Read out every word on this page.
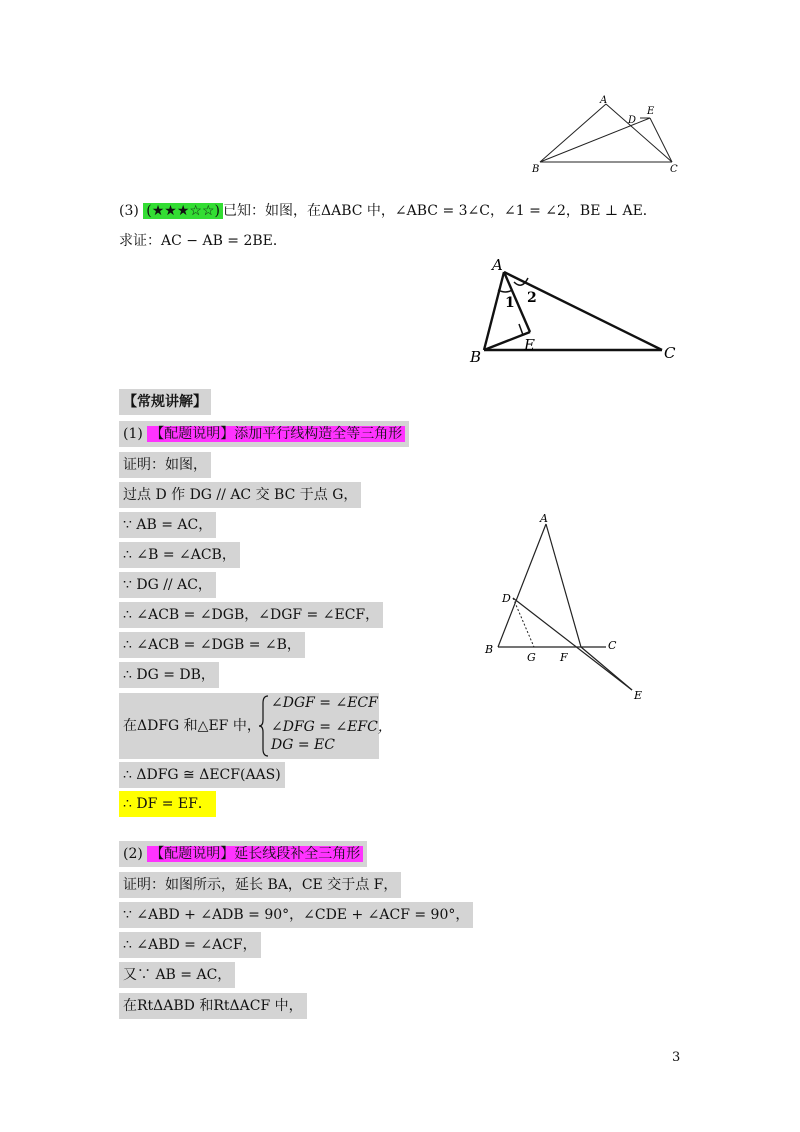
A
B	C
D
E
(3) (★★★☆☆) 已知：如图，在ΔABC 中，∠ABC = 3∠C，∠1 = ∠2，BE ⊥ AE．
求证：AC − AB = 2BE．
A
B	C
E
1 2
【常规讲解】
(1) 【配题说明】添加平行线构造全等三角形
证明：如图，
过点 D 作 DG // AC 交 BC 于点 G，
∵ AB = AC，
∴ ∠B = ∠ACB，
∵ DG // AC，
∴ ∠ACB = ∠DGB，∠DGF = ∠ECF，
∴ ∠ACB = ∠DGB = ∠B，
∴ DG = DB，
在ΔDFG 和△EF 中，
∠DGF = ∠ECF
∠DFG = ∠EFC，
DG = EC
∴ ΔDFG ≅ ΔECF(AAS)
∴ DF = EF．
A
B	C
D
E
F
G
(2) 【配题说明】延长线段补全三角形
证明：如图所示，延长 BA，CE 交于点 F，
∵ ∠ABD + ∠ADB = 90°，∠CDE + ∠ACF = 90°，
∴ ∠ABD = ∠ACF，
又∵ AB = AC，
在RtΔABD 和RtΔACF 中，
3
